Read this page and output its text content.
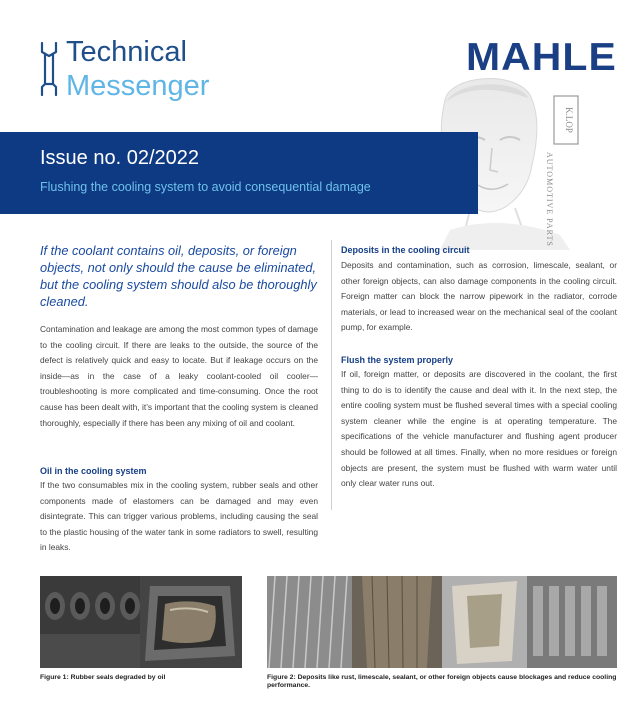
Technical
Messenger
MAHLE
K.LOP
AUTOMOTIVE PARTS
Issue no. 02/2022
Flushing the cooling system to avoid consequential damage
If the coolant contains oil, deposits, or foreign objects, not only should the cause be eliminated, but the cooling system should also be thoroughly cleaned.
Contamination and leakage are among the most common types of damage to the cooling circuit. If there are leaks to the outside, the source of the defect is relatively quick and easy to locate. But if leakage occurs on the inside—as in the case of a leaky coolant-cooled oil cooler—troubleshooting is more complicated and time-consuming. Once the root cause has been dealt with, it’s important that the cooling system is cleaned thoroughly, especially if there has been any mixing of oil and coolant.
Oil in the cooling system
If the two consumables mix in the cooling system, rubber seals and other components made of elastomers can be damaged and may even disintegrate. This can trigger various problems, including causing the seal to the plastic housing of the water tank in some radiators to swell, resulting in leaks.
Deposits in the cooling circuit
Deposits and contamination, such as corrosion, limescale, sealant, or other foreign objects, can also damage components in the cooling circuit. Foreign matter can block the narrow pipework in the radiator, corrode materials, or lead to increased wear on the mechanical seal of the coolant pump, for example.
Flush the system properly
If oil, foreign matter, or deposits are discovered in the coolant, the first thing to do is to identify the cause and deal with it. In the next step, the entire cooling system must be flushed several times with a special cooling system cleaner while the engine is at operating temperature. The specifications of the vehicle manufacturer and flushing agent producer should be followed at all times. Finally, when no more residues or foreign objects are present, the system must be flushed with warm water until only clear water runs out.
Figure 1: Rubber seals degraded by oil	Figure 2: Deposits like rust, limescale, sealant, or other foreign objects cause blockages and reduce cooling performance.
